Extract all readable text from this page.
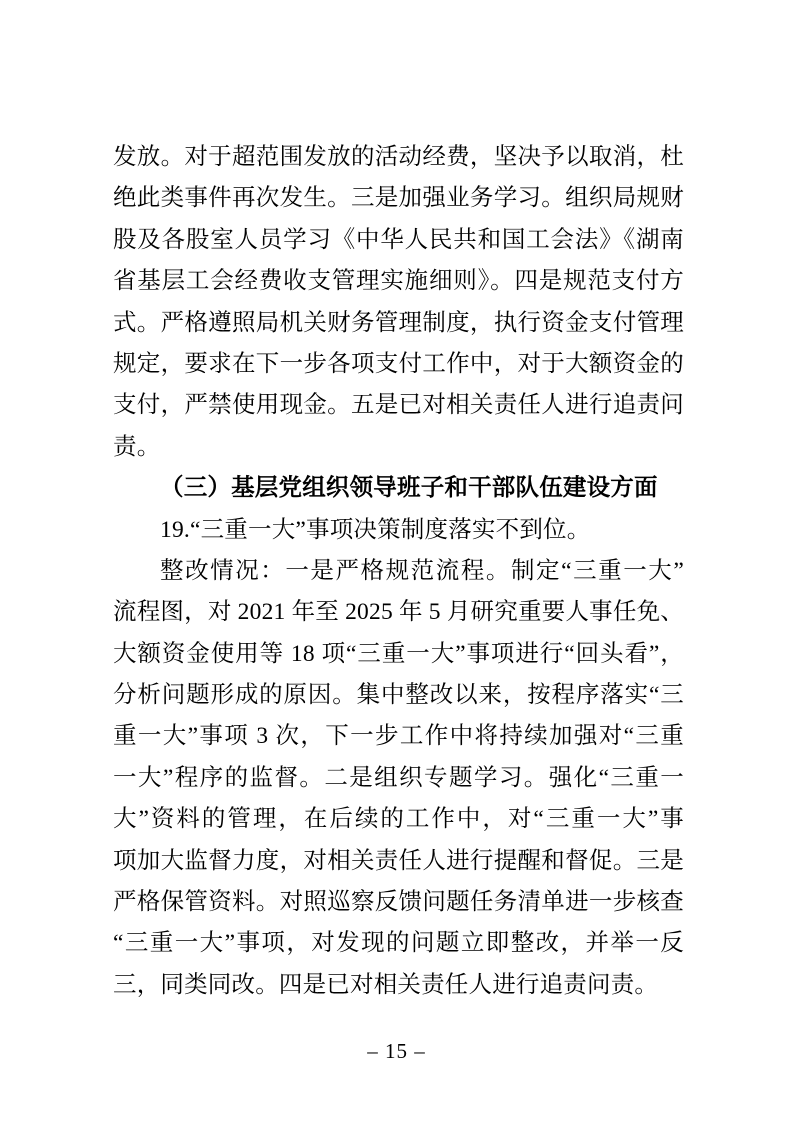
发放。对于超范围发放的活动经费，坚决予以取消，杜
绝此类事件再次发生。三是加强业务学习。组织局规财
股及各股室人员学习《中华人民共和国工会法》《湖南
省基层工会经费收支管理实施细则》。四是规范支付方
式。严格遵照局机关财务管理制度，执行资金支付管理
规定，要求在下一步各项支付工作中，对于大额资金的
支付，严禁使用现金。五是已对相关责任人进行追责问
责。
（三）基层党组织领导班子和干部队伍建设方面
19.“三重一大”事项决策制度落实不到位。
整改情况：一是严格规范流程。制定“三重一大”
流程图，对 2021 年至 2025 年 5 月研究重要人事任免、
大额资金使用等 18 项“三重一大”事项进行“回头看”，
分析问题形成的原因。集中整改以来，按程序落实“三
重一大”事项 3 次，下一步工作中将持续加强对“三重
一大”程序的监督。二是组织专题学习。强化“三重一
大”资料的管理，在后续的工作中，对“三重一大”事
项加大监督力度，对相关责任人进行提醒和督促。三是
严格保管资料。对照巡察反馈问题任务清单进一步核查
“三重一大”事项，对发现的问题立即整改，并举一反
三，同类同改。四是已对相关责任人进行追责问责。
– 15 –
